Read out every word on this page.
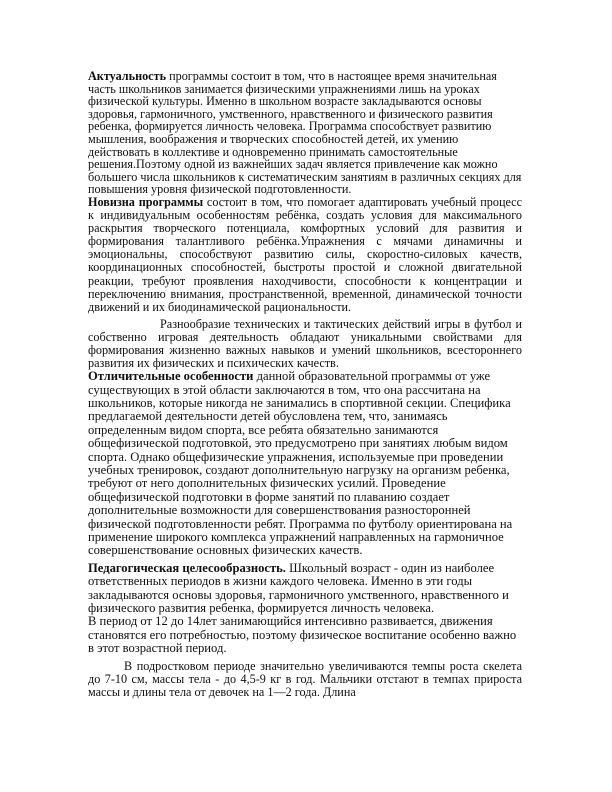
Актуальность программы состоит в том, что в настоящее время значительная часть школьников занимается физическими упражнениями лишь на уроках физической культуры. Именно в школьном возрасте закладываются основы здоровья, гармоничного, умственного, нравственного и физического развития ребенка, формируется личность человека. Программа способствует развитию мышления, воображения и творческих способностей детей, их умению действовать в коллективе и одновременно принимать самостоятельные решения.Поэтому одной из важнейших задач является привлечение как можно большего числа школьников к систематическим занятиям в различных секциях для повышения уровня физической подготовленности.

Новизна программы состоит в том, что помогает адаптировать учебный процесс к индивидуальным особенностям ребёнка, создать условия для максимального раскрытия творческого потенциала, комфортных условий для развития и формирования талантливого ребёнка.Упражнения с мячами динамичны и эмоциональны, способствуют развитию силы, скоростно-силовых качеств, координационных способностей, быстроты простой и сложной двигательной реакции, требуют проявления находчивости, способности к концентрации и переключению внимания, пространственной, временной, динамической точности движений и их биодинамической рациональности.

Разнообразие технических и тактических действий игры в футбол и собственно игровая деятельность обладают уникальными свойствами для формирования жизненно важных навыков и умений школьников, всестороннего развития их физических и психических качеств.

Отличительные особенности данной образовательной программы от уже существующих в этой области заключаются в том, что она рассчитана на школьников, которые никогда не занимались в спортивной секции. Специфика предлагаемой деятельности детей обусловлена тем, что, занимаясь определенным видом спорта, все ребята обязательно занимаются общефизической подготовкой, это предусмотрено при занятиях любым видом спорта. Однако общефизические упражнения, используемые при проведении учебных тренировок, создают дополнительную нагрузку на организм ребенка, требуют от него дополнительных физических усилий. Проведение общефизической подготовки в форме занятий по плаванию создает дополнительные возможности для совершенствования разносторонней физической подготовленности ребят. Программа по футболу ориентирована на применение широкого комплекса упражнений направленных на гармоничное совершенствование основных физических качеств.

Педагогическая целесообразность. Школьный возраст - один из наиболее ответственных периодов в жизни каждого человека. Именно в эти годы закладываются основы здоровья, гармоничного умственного, нравственного и физического развития ребенка, формируется личность человека.

В период от 12 до 14лет занимающийся интенсивно развивается, движения становятся его потребностью, поэтому физическое воспитание особенно важно в этот возрастной период.

В подростковом периоде значительно увеличиваются темпы роста скелета до 7-10 см, массы тела - до 4,5-9 кг в год. Мальчики отстают в темпах прироста массы и длины тела от девочек на 1—2 года. Длина
